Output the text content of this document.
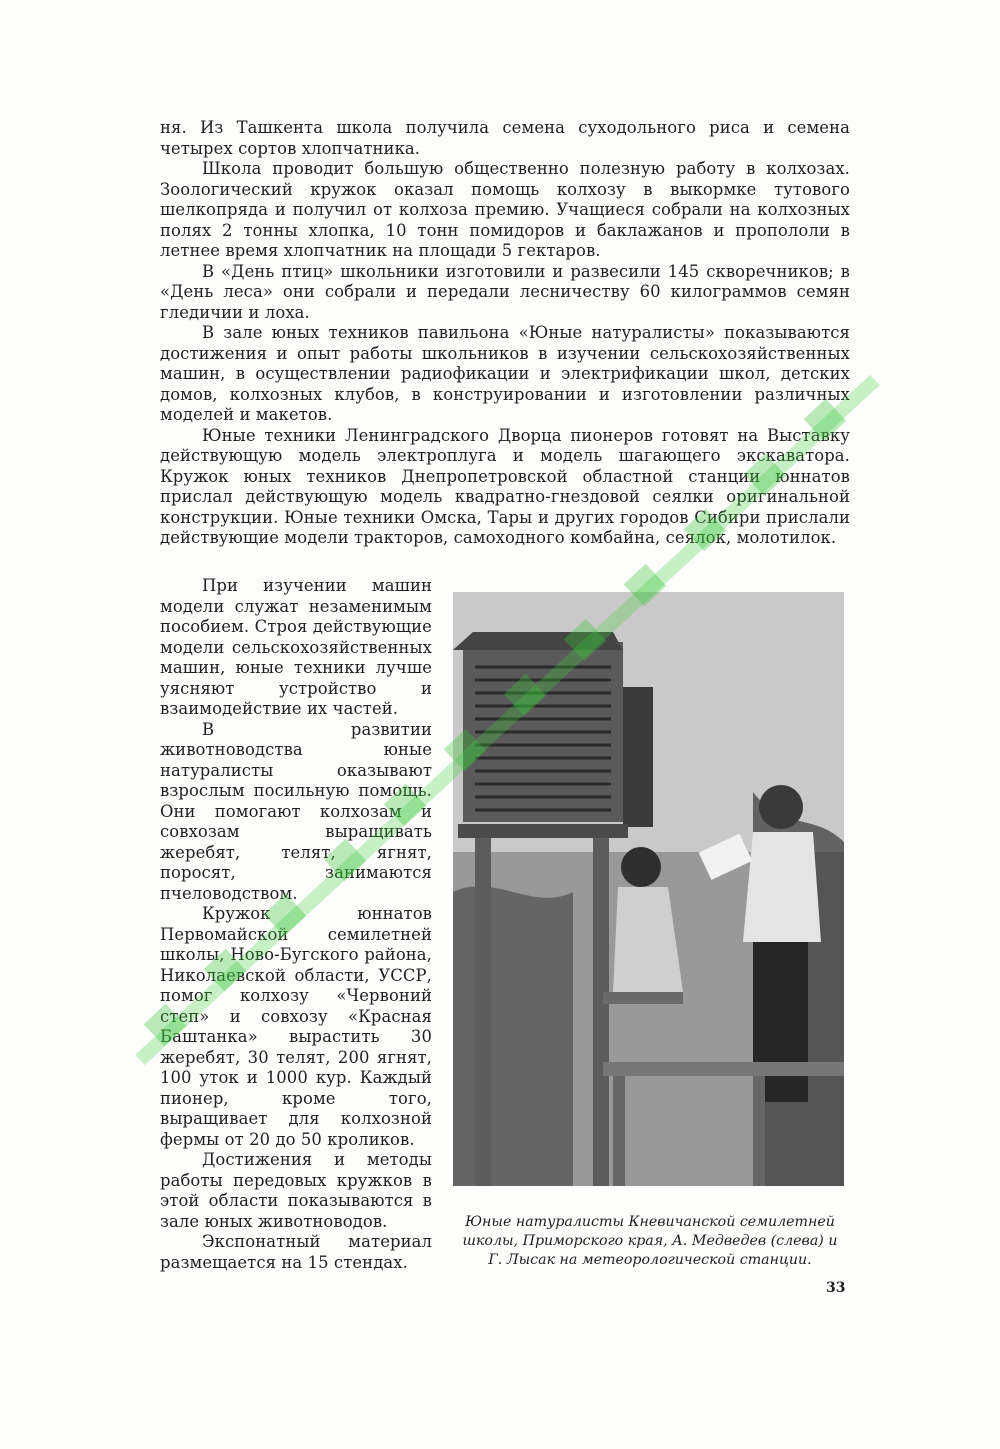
ня. Из Ташкента школа получила семена суходольного риса и семена четырех сортов хлопчатника.

Школа проводит большую общественно полезную работу в колхозах. Зоологический кружок оказал помощь колхозу в выкормке тутового шелкопряда и получил от колхоза премию. Учащиеся собрали на колхозных полях 2 тонны хлопка, 10 тонн помидоров и баклажанов и пропололи в летнее время хлопчатник на площади 5 гектаров.

В «День птиц» школьники изготовили и развесили 145 скворечников; в «День леса» они собрали и передали лесничеству 60 килограммов семян гледичии и лоха.

В зале юных техников павильона «Юные натуралисты» показываются достижения и опыт работы школьников в изучении сельскохозяйственных машин, в осуществлении радиофикации и электрификации школ, детских домов, колхозных клубов, в конструировании и изготовлении различных моделей и макетов.

Юные техники Ленинградского Дворца пионеров готовят на Выставку действующую модель электроплуга и модель шагающего экскаватора. Кружок юных техников Днепропетровской областной станции юннатов прислал действующую модель квадратно-гнездовой сеялки оригинальной конструкции. Юные техники Омска, Тары и других городов Сибири прислали действующие модели тракторов, самоходного комбайна, сеялок, молотилок.

При изучении машин модели служат незаменимым пособием. Строя действующие модели сельскохозяйственных машин, юные техники лучше уясняют устройство и взаимодействие их частей.

В развитии животноводства юные натуралисты оказывают взрослым посильную помощь. Они помогают колхозам и совхозам выращивать жеребят, телят, ягнят, поросят, занимаются пчеловодством.

Кружок юннатов Первомайской семилетней школы, Ново-Бугского района, Николаевской области, УССР, помог колхозу «Червоний степ» и совхозу «Красная Баштанка» вырастить 30 жеребят, 30 телят, 200 ягнят, 100 уток и 1000 кур. Каждый пионер, кроме того, выращивает для колхозной фермы от 20 до 50 кроликов.

Достижения и методы работы передовых кружков в этой области показываются в зале юных животноводов.

Экспонатный материал размещается на 15 стендах.

Юные натуралисты Кневичанской семилетней школы, Приморского края, А. Медведев (слева) и Г. Лысак на метеорологической станции.
33
